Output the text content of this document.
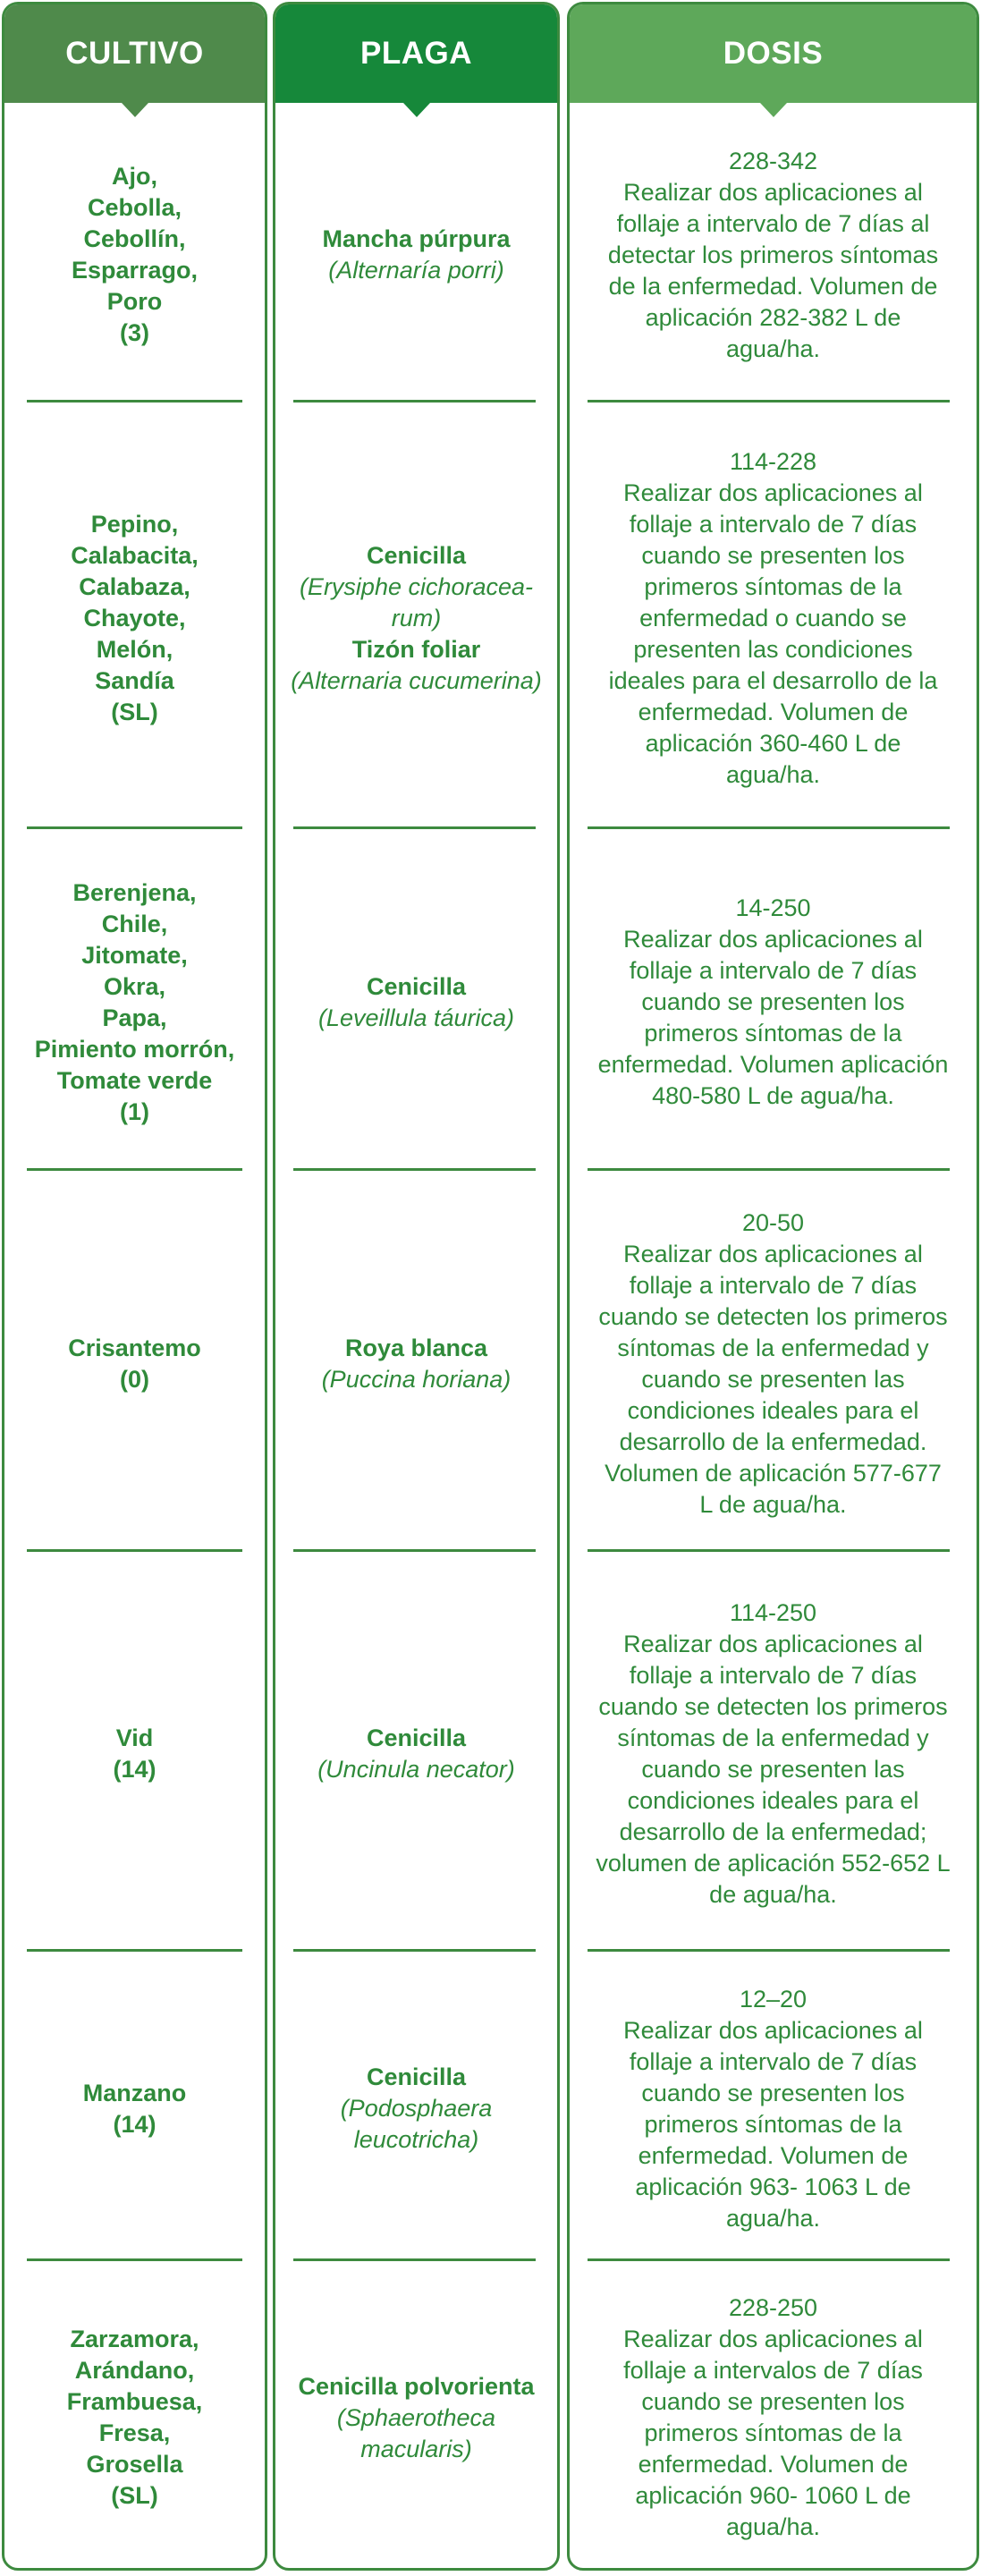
CULTIVO
Ajo,
Cebolla,
Cebollín,
Esparrago,
Poro
(3)
Pepino,
Calabacita,
Calabaza,
Chayote,
Melón,
Sandía
(SL)
Berenjena,
Chile,
Jitomate,
Okra,
Papa,
Pimiento morrón,
Tomate verde
(1)
Crisantemo
(0)
Vid
(14)
Manzano
(14)
Zarzamora,
Arándano,
Frambuesa,
Fresa,
Grosella
(SL)
PLAGA
Mancha púrpura
(Alternaría porri)
Cenicilla
(Erysiphe cichoracea-
rum)
Tizón foliar
(Alternaria cucumerina)
Cenicilla
(Leveillula táurica)
Roya blanca
(Puccina horiana)
Cenicilla
(Uncinula necator)
Cenicilla
(Podosphaera
leucotricha)
Cenicilla polvorienta
(Sphaerotheca
macularis)
DOSIS
228-342
Realizar dos aplicaciones al
follaje a intervalo de 7 días al
detectar los primeros síntomas
de la enfermedad. Volumen de
aplicación 282-382 L de
agua/ha.
114-228
Realizar dos aplicaciones al
follaje a intervalo de 7 días
cuando se presenten los
primeros síntomas de la
enfermedad o cuando se
presenten las condiciones
ideales para el desarrollo de la
enfermedad. Volumen de
aplicación 360-460 L de
agua/ha.
14-250
Realizar dos aplicaciones al
follaje a intervalo de 7 días
cuando se presenten los
primeros síntomas de la
enfermedad. Volumen aplicación
480-580 L de agua/ha.
20-50
Realizar dos aplicaciones al
follaje a intervalo de 7 días
cuando se detecten los primeros
síntomas de la enfermedad y
cuando se presenten las
condiciones ideales para el
desarrollo de la enfermedad.
Volumen de aplicación 577-677
L de agua/ha.
114-250
Realizar dos aplicaciones al
follaje a intervalo de 7 días
cuando se detecten los primeros
síntomas de la enfermedad y
cuando se presenten las
condiciones ideales para el
desarrollo de la enfermedad;
volumen de aplicación 552-652 L
de agua/ha.
12–20
Realizar dos aplicaciones al
follaje a intervalo de 7 días
cuando se presenten los
primeros síntomas de la
enfermedad. Volumen de
aplicación 963- 1063 L de
agua/ha.
228-250
Realizar dos aplicaciones al
follaje a intervalos de 7 días
cuando se presenten los
primeros síntomas de la
enfermedad. Volumen de
aplicación 960- 1060 L de
agua/ha.
